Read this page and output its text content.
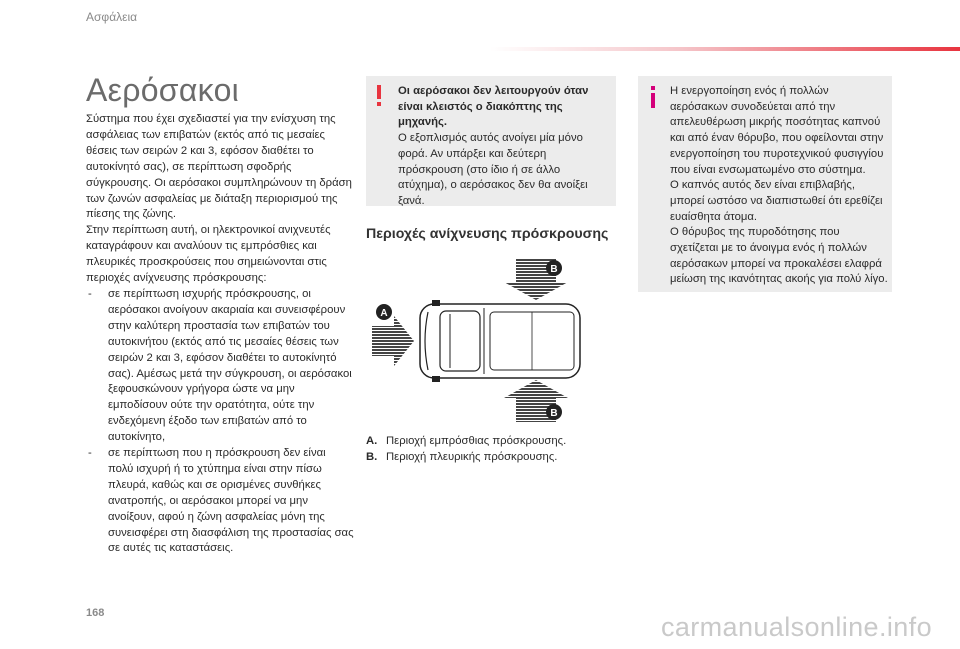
Ασφάλεια
Αερόσακοι

Σύστημα που έχει σχεδιαστεί για την ενίσχυση της ασφάλειας των επιβατών (εκτός από τις μεσαίες θέσεις των σειρών 2 και 3, εφόσον διαθέτει το αυτοκίνητό σας), σε περίπτωση σφοδρής σύγκρουσης. Οι αερόσακοι συμπληρώνουν τη δράση των ζωνών ασφαλείας με διάταξη περιορισμού της πίεσης της ζώνης.

Στην περίπτωση αυτή, οι ηλεκτρονικοί ανιχνευτές καταγράφουν και αναλύουν τις εμπρόσθιες και πλευρικές προσκρούσεις που σημειώνονται στις περιοχές ανίχνευσης πρόσκρουσης:

- σε περίπτωση ισχυρής πρόσκρουσης, οι αερόσακοι ανοίγουν ακαριαία και συνεισφέρουν στην καλύτερη προστασία των επιβατών του αυτοκινήτου (εκτός από τις μεσαίες θέσεις των σειρών 2 και 3, εφόσον διαθέτει το αυτοκίνητό σας). Αμέσως μετά την σύγκρουση, οι αερόσακοι ξεφουσκώνουν γρήγορα ώστε να μην εμποδίσουν ούτε την ορατότητα, ούτε την ενδεχόμενη έξοδο των επιβατών από το αυτοκίνητο,
- σε περίπτωση που η πρόσκρουση δεν είναι πολύ ισχυρή ή το χτύπημα είναι στην πίσω πλευρά, καθώς και σε ορισμένες συνθήκες ανατροπής, οι αερόσακοι μπορεί να μην ανοίξουν, αφού η ζώνη ασφαλείας μόνη της συνεισφέρει στη διασφάλιση της προστασίας σας σε αυτές τις καταστάσεις.
Οι αερόσακοι δεν λειτουργούν όταν είναι κλειστός ο διακόπτης της μηχανής.
Ο εξοπλισμός αυτός ανοίγει μία μόνο φορά. Αν υπάρξει και δεύτερη πρόσκρουση (στο ίδιο ή σε άλλο ατύχημα), ο αερόσακος δεν θα ανοίξει ξανά.
Περιοχές ανίχνευσης πρόσκρουσης
A
B
B
A. Περιοχή εμπρόσθιας πρόσκρουσης.
B. Περιοχή πλευρικής πρόσκρουσης.
Η ενεργοποίηση ενός ή πολλών αερόσακων συνοδεύεται από την απελευθέρωση μικρής ποσότητας καπνού και από έναν θόρυβο, που οφείλονται στην ενεργοποίηση του πυροτεχνικού φυσιγγίου που είναι ενσωματωμένο στο σύστημα.
Ο καπνός αυτός δεν είναι επιβλαβής, μπορεί ωστόσο να διαπιστωθεί ότι ερεθίζει ευαίσθητα άτομα.
Ο θόρυβος της πυροδότησης που σχετίζεται με το άνοιγμα ενός ή πολλών αερόσακων μπορεί να προκαλέσει ελαφρά μείωση της ικανότητας ακοής για πολύ λίγο.
168	carmanualsonline.info
